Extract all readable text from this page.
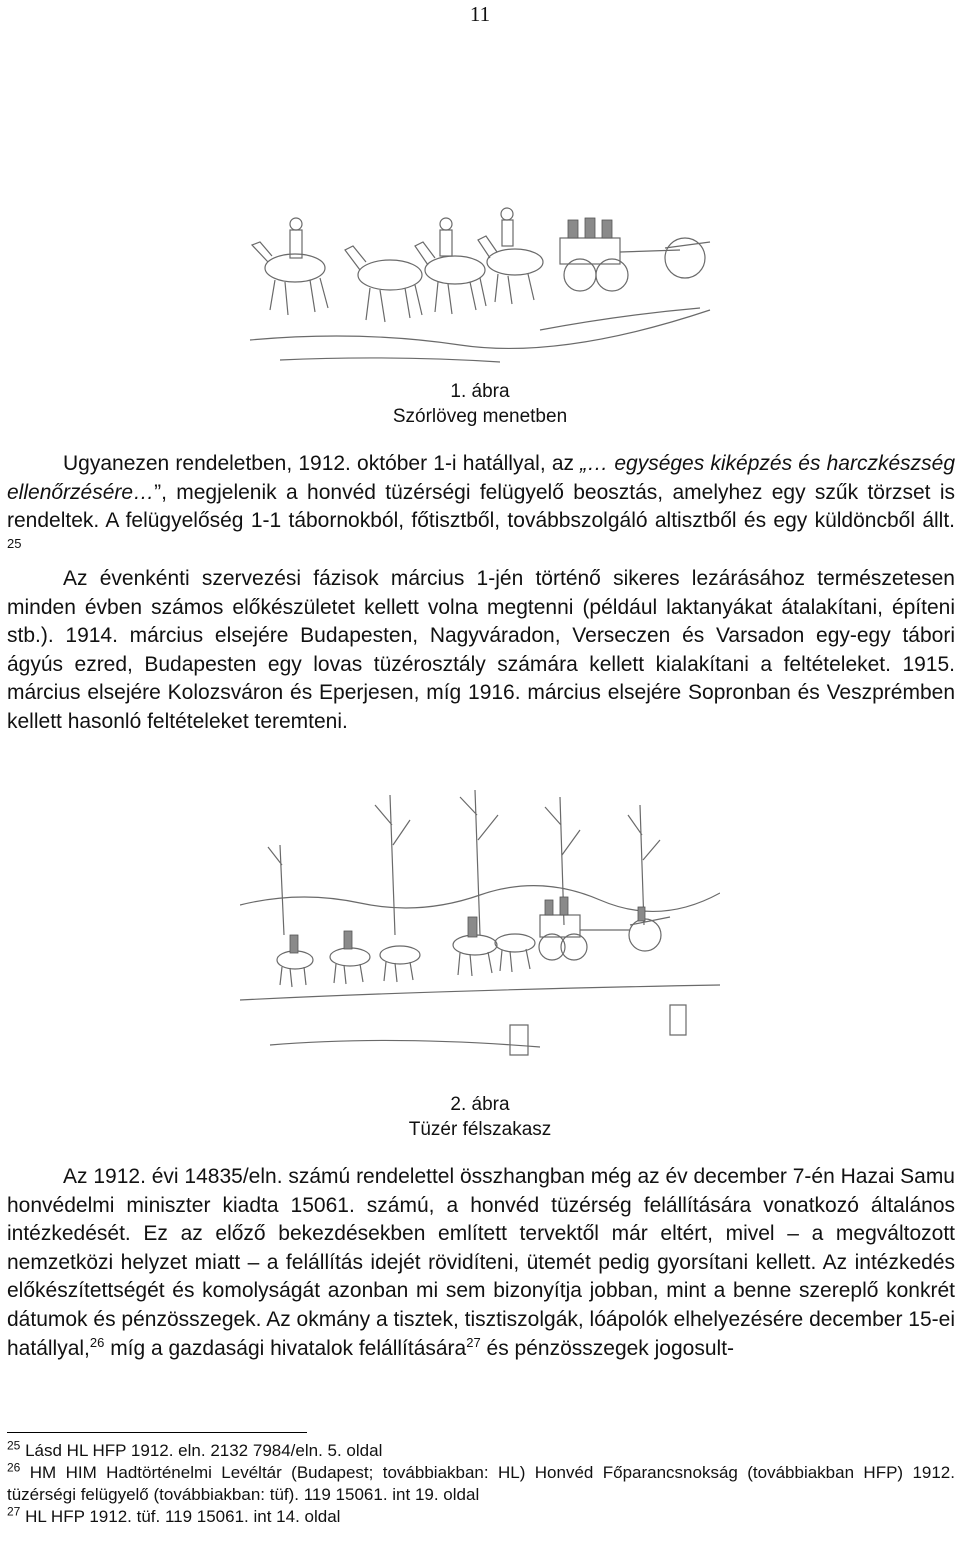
11
1. ábra
Szórlöveg menetben

Ugyanezen rendeletben, 1912. október 1-i hatállyal, az „… egységes kiképzés és harczkészség ellenőrzésére…”, megjelenik a honvéd tüzérségi felügyelő beosztás, amelyhez egy szűk törzset is rendeltek. A felügyelőség 1-1 tábornokból, főtisztből, továbbszolgáló altisztből és egy küldöncből állt. $^{25}$

Az évenkénti szervezési fázisok március 1-jén történő sikeres lezárásához természetesen minden évben számos előkészületet kellett volna megtenni (például laktanyákat átalakítani, építeni stb.). 1914. március elsejére Budapesten, Nagyváradon, Verseczen és Varsadon egy-egy tábori ágyús ezred, Budapesten egy lovas tüzérosztály számára kellett kialakítani a feltételeket. 1915. március elsejére Kolozsváron és Eperjesen, míg 1916. március elsejére Sopronban és Veszprémben kellett hasonló feltételeket teremteni.

2. ábra
Tüzér félszakasz

Az 1912. évi 14835/eln. számú rendelettel összhangban még az év december 7-én Hazai Samu honvédelmi miniszter kiadta 15061. számú, a honvéd tüzérség felállítására vonatkozó általános intézkedését. Ez az előző bekezdésekben említett tervektől már eltért, mivel – a megváltozott nemzetközi helyzet miatt – a felállítás idejét rövidíteni, ütemét pedig gyorsítani kellett. Az intézkedés előkészítettségét és komolyságát azonban mi sem bizonyítja jobban, mint a benne szereplő konkrét dátumok és pénzösszegek. Az okmány a tisztek, tisztiszolgák, lóápolók elhelyezésére december 15-ei hatállyal,$^{26}$ míg a gazdasági hivatalok felállítására$^{27}$ és pénzösszegek jogosult-

$^{25}$ Lásd HL HFP 1912. eln. 2132 7984/eln. 5. oldal

$^{26}$ HM HIM Hadtörténelmi Levéltár (Budapest; továbbiakban: HL) Honvéd Főparancsnokság (továbbiakban HFP) 1912. tüzérségi felügyelő (továbbiakban: tüf). 119 15061. int 19. oldal

$^{27}$ HL HFP 1912. tüf. 119 15061. int 14. oldal
